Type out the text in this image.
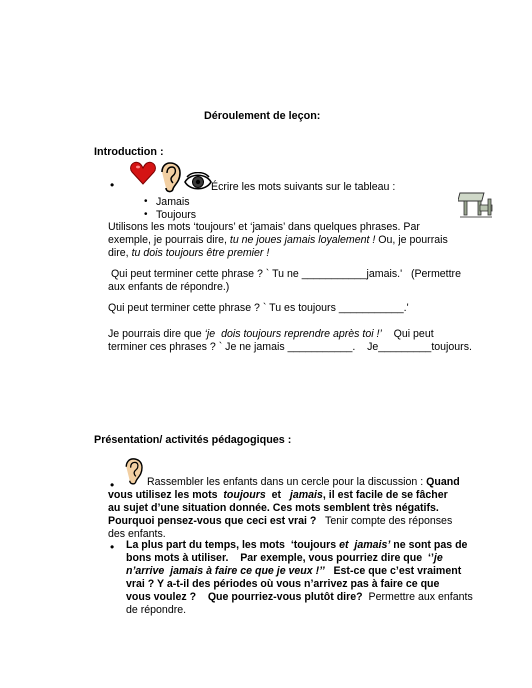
Déroulement de leçon:
Introduction :
•	Écrire les mots suivants sur le tableau :
• Jamais
• Toujours
Utilisons les mots ‘toujours’ et ‘jamais’ dans quelques phrases. Par
exemple, je pourrais dire, tu ne joues jamais loyalement ! Ou, je pourrais
dire, tu dois toujours être premier !
Qui peut terminer cette phrase ? ` Tu ne ___________jamais.'   (Permettre
aux enfants de répondre.)
Qui peut terminer cette phrase ? ` Tu es toujours ___________.'
Je pourrais dire que ‘je  dois toujours reprendre après toi !’    Qui peut
terminer ces phrases ? ` Je ne jamais ___________.    Je_________toujours.
Présentation/ activités pédagogiques :
•	Rassembler les enfants dans un cercle pour la discussion : Quand
vous utilisez les mots  toujours  et   jamais, il est facile de se fâcher
au sujet d’une situation donnée. Ces mots semblent très négatifs.
Pourquoi pensez-vous que ceci est vrai ?   Tenir compte des réponses
des enfants.
• La plus part du temps, les mots  ‘toujours et  jamais’ ne sont pas de
bons mots à utiliser.    Par exemple, vous pourriez dire que  ‘’je
n’arrive  jamais à faire ce que je veux !’’   Est-ce que c’est vraiment
vrai ? Y a-t-il des périodes où vous n’arrivez pas à faire ce que
vous voulez ?    Que pourriez-vous plutôt dire?  Permettre aux enfants
de répondre.
